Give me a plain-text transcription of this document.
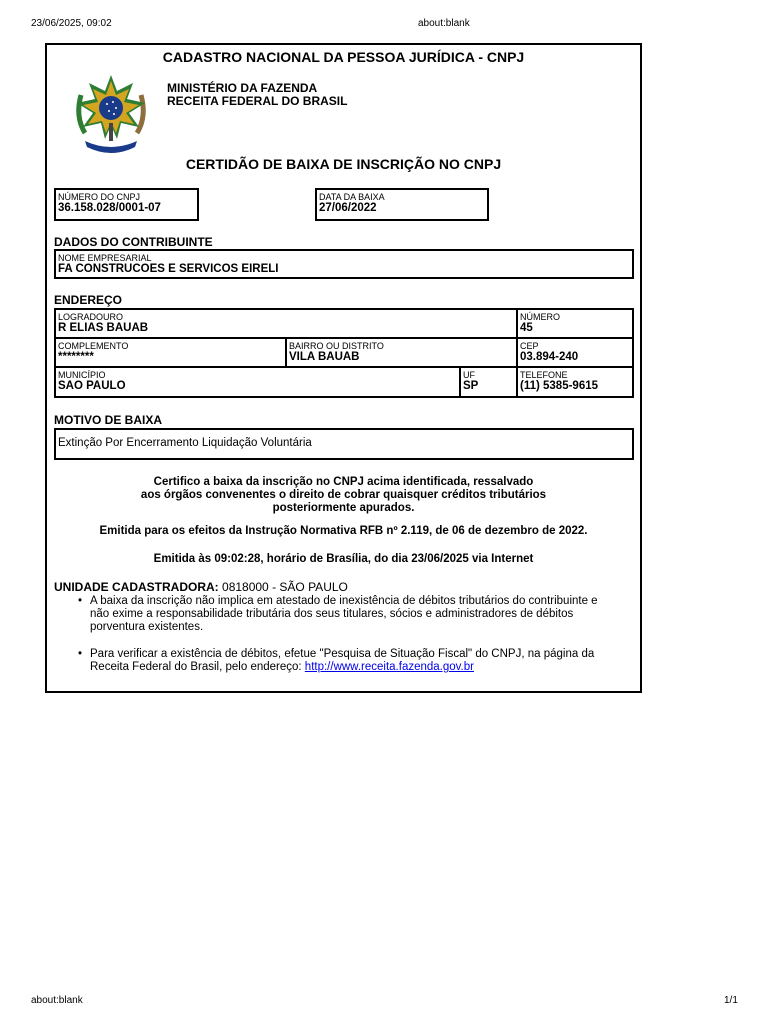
23/06/2025, 09:02	about:blank
about:blank	1/1
CADASTRO NACIONAL DA PESSOA JURÍDICA - CNPJ
MINISTÉRIO DA FAZENDA
RECEITA FEDERAL DO BRASIL
CERTIDÃO DE BAIXA DE INSCRIÇÃO NO CNPJ
NÚMERO DO CNPJ
36.158.028/0001-07
DATA DA BAIXA
27/06/2022
DADOS DO CONTRIBUINTE
NOME EMPRESARIAL
FA CONSTRUCOES E SERVICOS EIRELI
ENDEREÇO
LOGRADOURO
R ELIAS BAUAB
NÚMERO
45
COMPLEMENTO
********
BAIRRO OU DISTRITO
VILA BAUAB
CEP
03.894-240
MUNICÍPIO
SAO PAULO
UF
SP
TELEFONE
(11) 5385-9615
MOTIVO DE BAIXA
Extinção Por Encerramento Liquidação Voluntária
Certifico a baixa da inscrição no CNPJ acima identificada, ressalvado
aos órgãos convenentes o direito de cobrar quaisquer créditos tributários
posteriormente apurados.
Emitida para os efeitos da Instrução Normativa RFB nº 2.119, de 06 de dezembro de 2022.
Emitida às 09:02:28, horário de Brasília, do dia 23/06/2025 via Internet
UNIDADE CADASTRADORA: 0818000 - SÃO PAULO
• A baixa da inscrição não implica em atestado de inexistência de débitos tributários do contribuinte e
não exime a responsabilidade tributária dos seus titulares, sócios e administradores de débitos
porventura existentes.
• Para verificar a existência de débitos, efetue "Pesquisa de Situação Fiscal" do CNPJ, na página da
Receita Federal do Brasil, pelo endereço: http://www.receita.fazenda.gov.br
